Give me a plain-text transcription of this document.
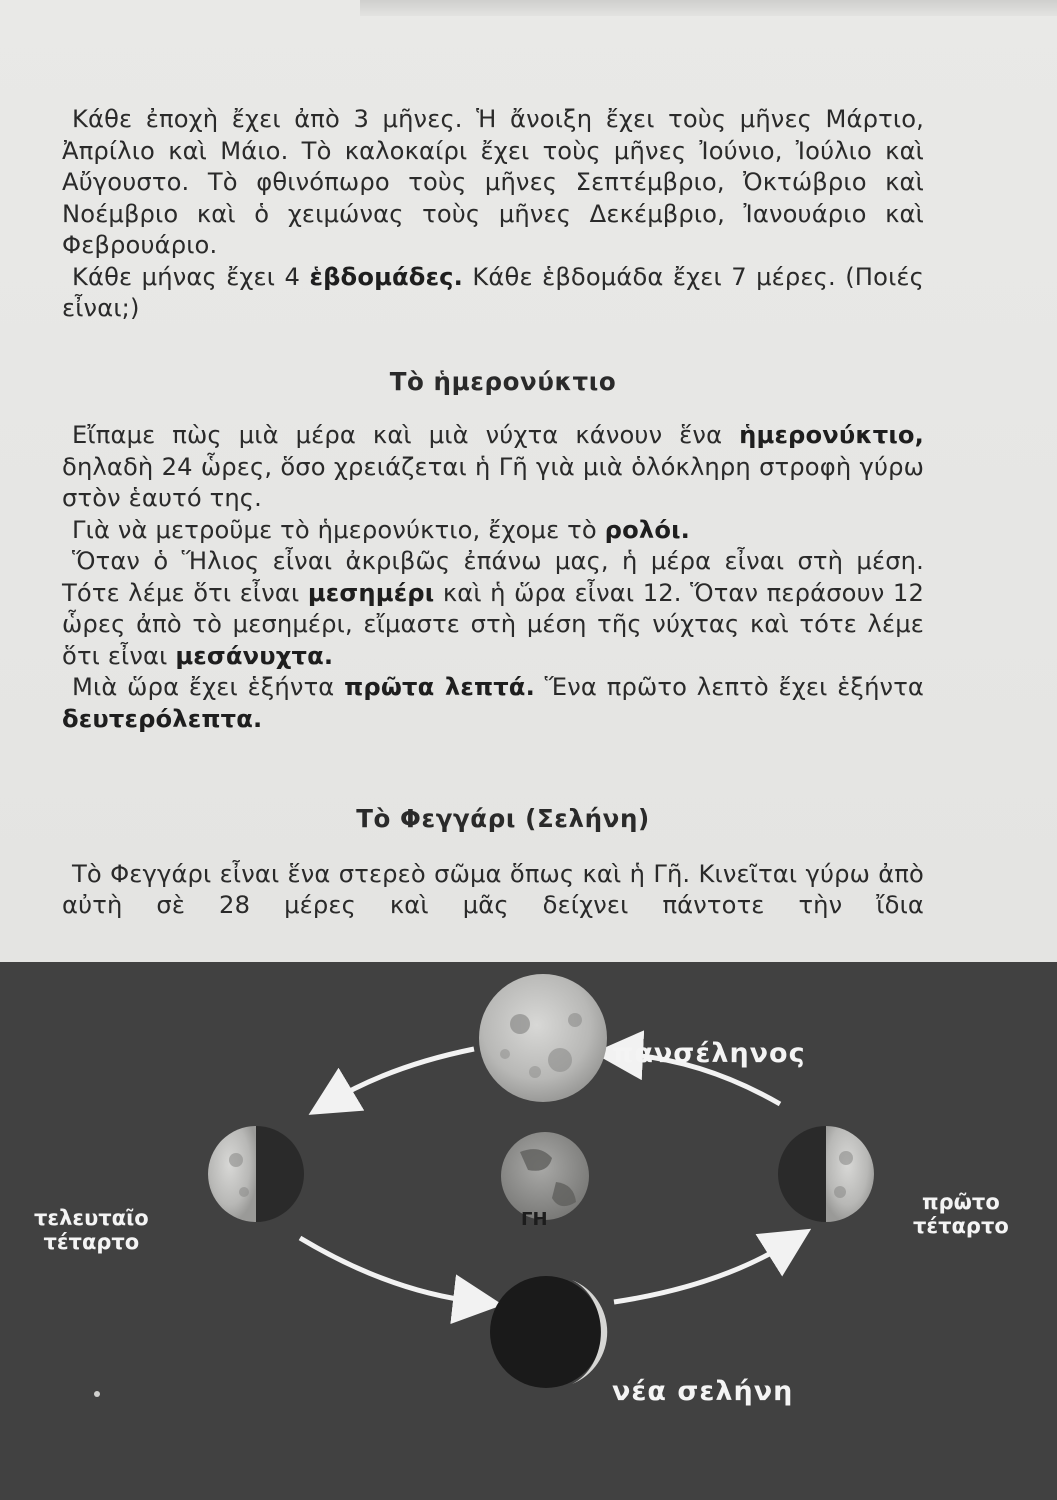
Κάθε ἐποχὴ ἔχει ἀπὸ 3 μῆνες. Ἡ ἄνοιξη ἔχει τοὺς μῆνες Μάρτιο, Ἀπρίλιο καὶ Μάιο. Τὸ καλοκαίρι ἔχει τοὺς μῆνες Ἰούνιο, Ἰούλιο καὶ Αὔγουστο. Τὸ φθινόπωρο τοὺς μῆνες Σεπτέμβριο, Ὀκτώβριο καὶ Νοέμβριο καὶ ὁ χειμώνας τοὺς μῆνες Δεκέμβριο, Ἰανουάριο καὶ Φεβρουάριο.

Κάθε μήνας ἔχει 4 ἑβδομάδες. Κάθε ἑβδομάδα ἔχει 7 μέρες. (Ποιές εἶναι;)

Τὸ ἡμερονύκτιο

Εἴπαμε πὼς μιὰ μέρα καὶ μιὰ νύχτα κάνουν ἕνα ἡμερονύκτιο, δηλαδὴ 24 ὧρες, ὅσο χρειάζεται ἡ Γῆ γιὰ μιὰ ὁλόκληρη στροφὴ γύρω στὸν ἑαυτό της.

Γιὰ νὰ μετροῦμε τὸ ἡμερονύκτιο, ἔχομε τὸ ρολόι.

Ὅταν ὁ Ἥλιος εἶναι ἀκριβῶς ἐπάνω μας, ἡ μέρα εἶναι στὴ μέση. Τότε λέμε ὅτι εἶναι μεσημέρι καὶ ἡ ὥρα εἶναι 12. Ὅταν περάσουν 12 ὧρες ἀπὸ τὸ μεσημέρι, εἴμαστε στὴ μέση τῆς νύχτας καὶ τότε λέμε ὅτι εἶναι μεσάνυχτα.

Μιὰ ὥρα ἔχει ἑξήντα πρῶτα λεπτά. Ἕνα πρῶτο λεπτὸ ἔχει ἑξήντα δευτερόλεπτα.

Τὸ Φεγγάρι (Σελήνη)

Τὸ Φεγγάρι εἶναι ἕνα στερεὸ σῶμα ὅπως καὶ ἡ Γῆ. Κινεῖται γύρω ἀπὸ αὐτὴ σὲ 28 μέρες καὶ μᾶς δείχνει πάντοτε τὴν ἴδια

πανσέληνος
πρῶτο
τέταρτο
τελευταῖο
τέταρτο
νέα σελήνη
ΓΗ
